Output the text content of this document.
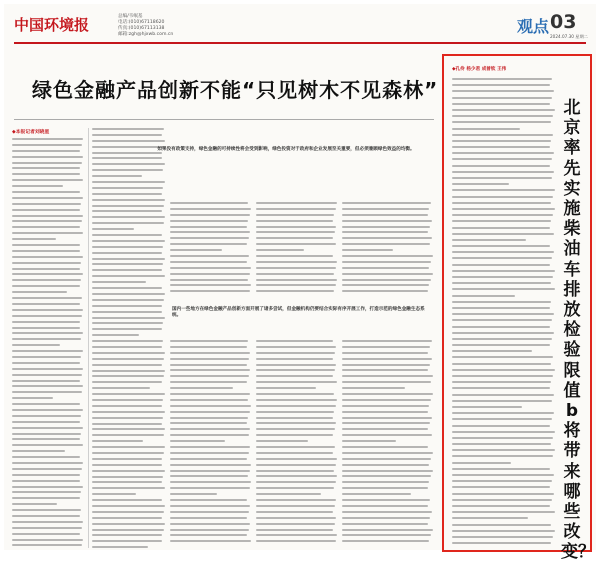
中国环境报	总编/韦岷基
电话:(010)67118620
传真:(010)67113138
邮箱:zgh@hjxwb.com.cn	观点 03
2024.07.30 星期二
绿色金融产品创新不能“只见树木不见森林”
◆本报记者刘晓星
如果没有政策支持，绿色金融的可持续性将会受到影响，绿色投资对于政府和企业发展至关重要，但必须兼顾绿色效益的均衡。
国内一些地方在绿色金融产品创新方面开展了诸多尝试，但金融机构仍要结合实际有序开展工作，打造示范的绿色金融生态系统。
◆孔伶 杨少君 成普钦 王伟
北京率先实施柴油车排放检验限值b将带来哪些改变？
